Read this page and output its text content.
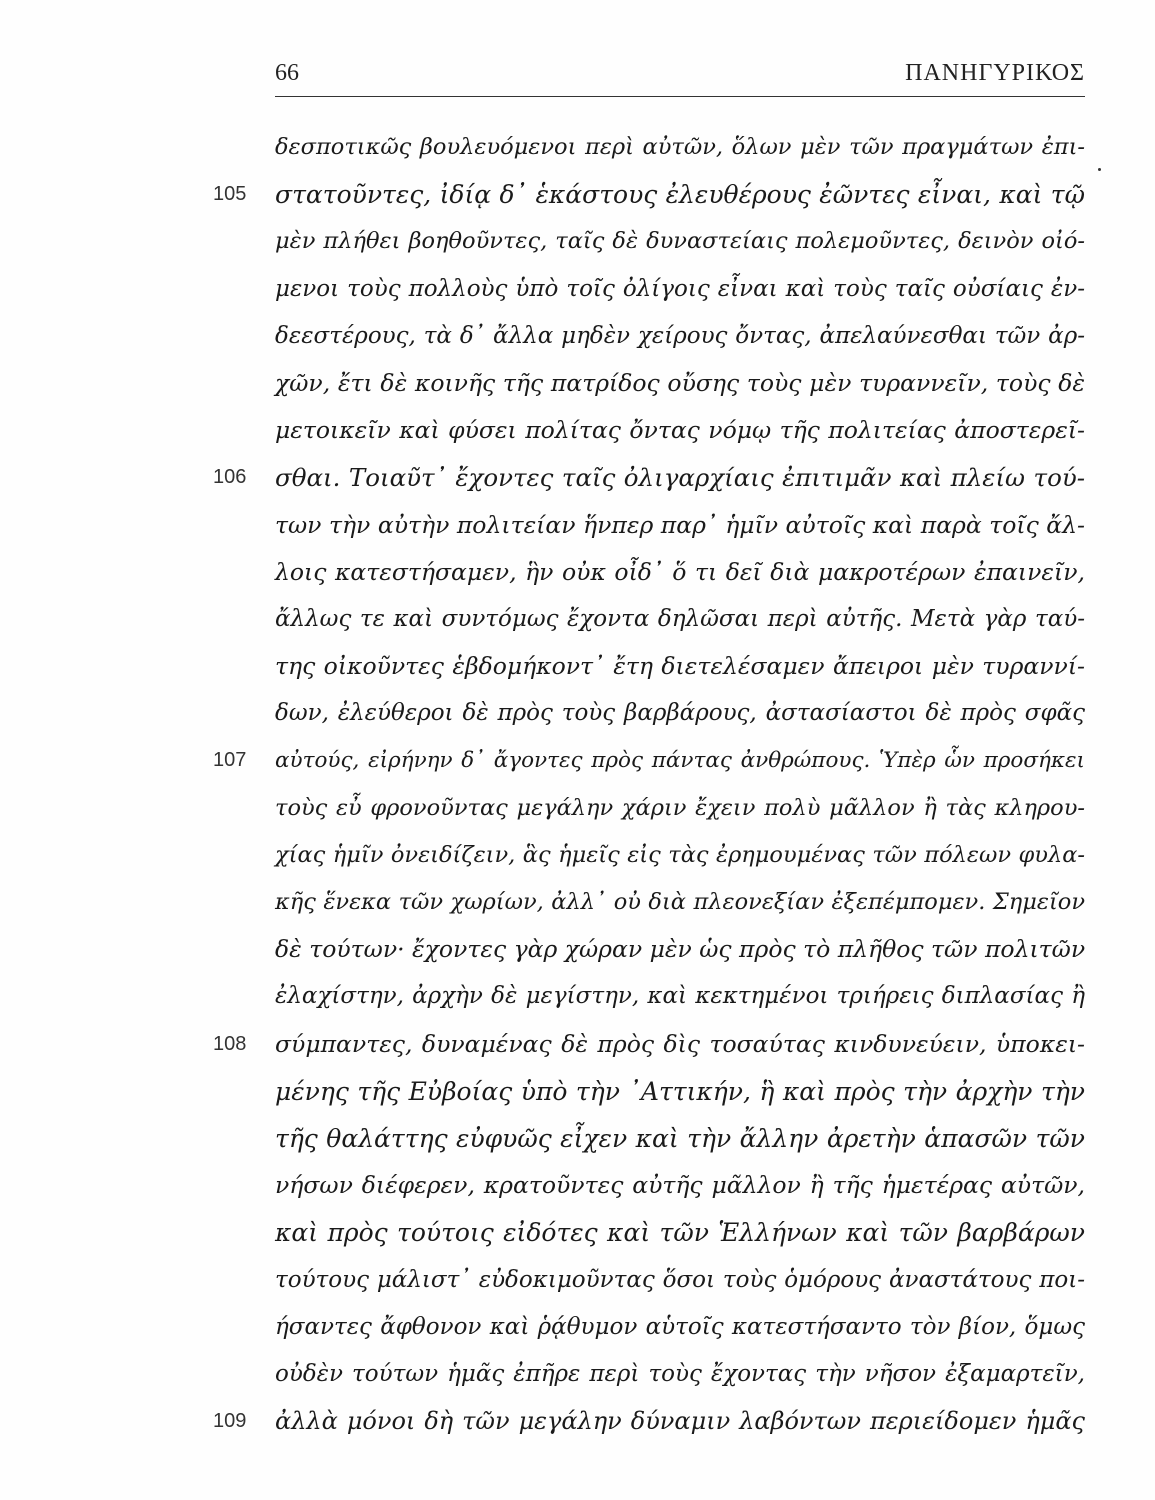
66	ΠΑΝΗΓΥΡΙΚΟΣ
δεσποτικῶς βουλευόμενοι περὶ αὐτῶν, ὅλων μὲν τῶν πραγμάτων ἐπι-
105 στατοῦντες, ἰδίᾳ δ᾽ ἑκάστους ἐλευθέρους ἐῶντες εἶναι, καὶ τῷ
μὲν πλήθει βοηθοῦντες, ταῖς δὲ δυναστείαις πολεμοῦντες, δεινὸν οἰό-
μενοι τοὺς πολλοὺς ὑπὸ τοῖς ὀλίγοις εἶναι καὶ τοὺς ταῖς οὐσίαις ἐν-
δεεστέρους, τὰ δ᾽ ἄλλα μηδὲν χείρους ὄντας, ἀπελαύνεσθαι τῶν ἀρ-
χῶν, ἔτι δὲ κοινῆς τῆς πατρίδος οὔσης τοὺς μὲν τυραννεῖν, τοὺς δὲ
μετοικεῖν καὶ φύσει πολίτας ὄντας νόμῳ τῆς πολιτείας ἀποστερεῖ-
106 σθαι. Τοιαῦτ᾽ ἔχοντες ταῖς ὀλιγαρχίαις ἐπιτιμᾶν καὶ πλείω τού-
των τὴν αὐτὴν πολιτείαν ἥνπερ παρ᾽ ἡμῖν αὐτοῖς καὶ παρὰ τοῖς ἄλ-
λοις κατεστήσαμεν, ἣν οὐκ οἶδ᾽ ὅ τι δεῖ διὰ μακροτέρων ἐπαινεῖν,
ἄλλως τε καὶ συντόμως ἔχοντα δηλῶσαι περὶ αὐτῆς. Μετὰ γὰρ ταύ-
της οἰκοῦντες ἑβδομήκοντ᾽ ἔτη διετελέσαμεν ἄπειροι μὲν τυραννί-
δων, ἐλεύθεροι δὲ πρὸς τοὺς βαρβάρους, ἀστασίαστοι δὲ πρὸς σφᾶς
107 αὐτούς, εἰρήνην δ᾽ ἄγοντες πρὸς πάντας ἀνθρώπους. Ὑπὲρ ὧν προσήκει
τοὺς εὖ φρονοῦντας μεγάλην χάριν ἔχειν πολὺ μᾶλλον ἢ τὰς κληρου-
χίας ἡμῖν ὀνειδίζειν, ἃς ἡμεῖς εἰς τὰς ἐρημουμένας τῶν πόλεων φυλα-
κῆς ἕνεκα τῶν χωρίων, ἀλλ᾽ οὐ διὰ πλεονεξίαν ἐξεπέμπομεν. Σημεῖον
δὲ τούτων· ἔχοντες γὰρ χώραν μὲν ὡς πρὸς τὸ πλῆθος τῶν πολιτῶν
ἐλαχίστην, ἀρχὴν δὲ μεγίστην, καὶ κεκτημένοι τριήρεις διπλασίας ἢ
108 σύμπαντες, δυναμένας δὲ πρὸς δὶς τοσαύτας κινδυνεύειν, ὑποκει-
μένης τῆς Εὐβοίας ὑπὸ τὴν ᾿Αττικήν, ἣ καὶ πρὸς τὴν ἀρχὴν τὴν
τῆς θαλάττης εὐφυῶς εἶχεν καὶ τὴν ἄλλην ἀρετὴν ἁπασῶν τῶν
νήσων διέφερεν, κρατοῦντες αὐτῆς μᾶλλον ἢ τῆς ἡμετέρας αὐτῶν,
καὶ πρὸς τούτοις εἰδότες καὶ τῶν Ἑλλήνων καὶ τῶν βαρβάρων
τούτους μάλιστ᾽ εὐδοκιμοῦντας ὅσοι τοὺς ὁμόρους ἀναστάτους ποι-
ήσαντες ἄφθονον καὶ ῥᾴθυμον αὑτοῖς κατεστήσαντο τὸν βίον, ὅμως
οὐδὲν τούτων ἡμᾶς ἐπῆρε περὶ τοὺς ἔχοντας τὴν νῆσον ἐξαμαρτεῖν,
109 ἀλλὰ μόνοι δὴ τῶν μεγάλην δύναμιν λαβόντων περιείδομεν ἡμᾶς
